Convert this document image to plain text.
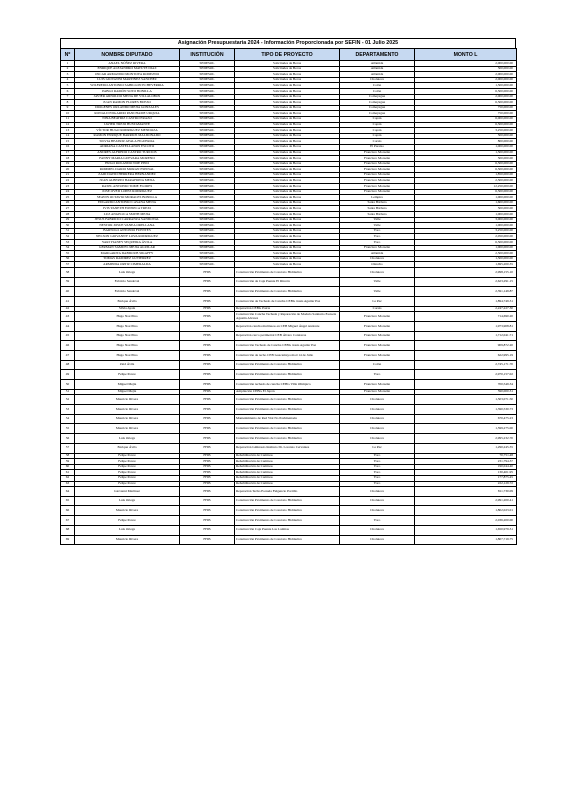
Asignación Presupuestaria 2024 - Información Proporcionada por SEFIN - 01 Julio 2025
Nº	NOMBRE DIPUTADO	INSTITUCIÓN	TIPO DE PROYECTO	DEPARTAMENTO	MONTO L
1	ANAEL NÚÑEZ RIVERA	SEDESOL	Solicitudes de Becas	Atlántida	2,000,000.00
2	ENRIQUE ALEJANDRO MATUTE DIAZ	SEDESOL	Solicitudes de Becas	Atlántida	500,000.00
3	OSCAR ARMANDO MONTOYA RODEZNO	SEDESOL	Solicitudes de Becas	Atlántida	2,000,000.00
4	LUIS GIOVANNI MARTINEZ SÁNCHEZ	SEDESOL	Solicitudes de Becas	Choluteca	2,000,000.00
5	WILFREDO ANTONIO SABILLON ECHEVERRIA	SEDESOL	Solicitudes de Becas	Colón	1,500,000.00
6	PABLO RAMÓN SOTO BONILLA	SEDESOL	Solicitudes de Becas	Colón	6,500,000.00
7	JAVIER ARNOLDO MEJIA DE VILLALOBOS	SEDESOL	Solicitudes de Becas	Comayagua	2,000,000.00
8	JUAN RAMON FLORES BUEZO	SEDESOL	Solicitudes de Becas	Comayagua	6,500,000.00
9	DIOGENES ORLANDO MEJIA GONZALES	SEDESOL	Solicitudes de Becas	Comayagua	750,000.00
10	RONALD EDGARDO PANCHAME URQUIA	SEDESOL	Solicitudes de Becas	Comayagua	750,000.00
11	NINA BEATRIZ CASTRO ERAZO	SEDESOL	Solicitudes de Becas	Copán	6,000,000.00
12	JAVIER TREJO BUSTAMANTE	SEDESOL	Solicitudes de Becas	Copán	6,500,000.00
13	VÍCTOR HUGO RODRIGUEZ MENDOZA	SEDESOL	Solicitudes de Becas	Copán	3,250,000.00
14	RAMON ENRIQUE BARRIOS MALDONADO	SEDESOL	Solicitudes de Becas	Copán	500,000.00
15	SILVIA BEATRIZ AYALA FIGUEROA	SEDESOL	Solicitudes de Becas	Cortés	800,000.00
16	ADRIANA CASTELLANOS ESCOTO	SEDESOL	Solicitudes de Becas	El Paraíso	1,000,000.00
17	ANDRES ALFREDO CASTRO TURCIOS	SEDESOL	Solicitudes de Becas	Francisco Morazán	1,500,000.00
18	FANNY MARIA GUEVARA MORENO	SEDESOL	Solicitudes de Becas	Francisco Morazán	500,000.00
19	HUGO ROLANDO NOE PINO	SEDESOL	Solicitudes de Becas	Francisco Morazán	6,500,000.00
20	ROMMEL DARIO MORAN ESPINAL	SEDESOL	Solicitudes de Becas	Francisco Morazán	6,500,000.00
21	ZAID DAVID HERRERA HERNÁNDEZ	SEDESOL	Solicitudes de Becas	Francisco Morazán	1,850,000.00
22	JUAN ALBERTO BARAHONA MEJIA	SEDESOL	Solicitudes de Becas	Francisco Morazán	2,500,000.00
23	RASEL ANTONIO TOME FLORES	SEDESOL	Solicitudes de Becas	Francisco Morazán	12,250,000.00
24	JOSÉ OVED LÓPEZ RODRÍGUEZ	SEDESOL	Solicitudes de Becas	Francisco Morazán	6,500,000.00
25	SEAVIN OCTAVIO MORALES BONILLA	SEDESOL	Solicitudes de Becas	Lempira	1,000,000.00
26	EDGARDO ANTONIO CASAÑA MEJIA	SEDESOL	Solicitudes de Becas	Santa Bárbara	1,600,000.00
27	IVIS YANETH FONSECA TREJO	SEDESOL	Solicitudes de Becas	Santa Bárbara	500,000.00
28	LUZ ANGELICA SMITH MEJIA	SEDESOL	Solicitudes de Becas	Santa Bárbara	1,000,000.00
29	JESUS FABRICIO CARRANZA SANDOVAL	SEDESOL	Solicitudes de Becas	Valle	3,000,000.00
30	NESTOR JOSUE VANEA ORELLANA	SEDESOL	Solicitudes de Becas	Valle	1,000,000.00
31	BARTOLO ANTONIO FUENTES	SEDESOL	Solicitudes de Becas	Yoro	3,250,000.00
32	NELSON GIOVANNY LOVA RODRIGUEZ	SEDESOL	Solicitudes de Becas	Yoro	2,050,000.00
33	YARI YIANEY SEQUEIRA ÁVILA	SEDESOL	Solicitudes de Becas	Yoro	6,500,000.00
34	GERMAN SAMUEL MEJIA AGUILAR	SEDESOL	Solicitudes de Becas	Francisco Morazán	1,000,000.00
35	MARGARITA DABDOUB SIKAFFY	SEDESOL	Solicitudes de Becas	Atlántida	2,500,000.00
36	TOMÁS RAMIREZ GUTIERREZ	SEDESOL	Solicitudes de Becas	Choluteca	1,500,000.00
37	ARMINDA ORTIZ CIMERALDA	SEDESOL	Solicitudes de Becas	Olancho	1,695,200.35
38	Luis Ortega	FHIS	Construcción Pavimento de Concreto Hidráulico	Choluteca	2,998,155.10
39	Fabricio Sandoval	FHIS	Construcción de Caja Puente El Rincón	Valle	2,623,291.15
40	Fabricio Sandoval	FHIS	Construcción Pavimento de Concreto Hidráulico	Valle	2,391,149.87
41	Enrique Ávila	FHIS	Construcción de Techado de Cancha CEBG Jesús Aguilar Paz	La Paz	1,894,749.31
42	Silvia Ayala	FHIS	Reparación CEBG Patria	Cortés	2,247,227.30
43	Hugo Noé Pino	FHIS	Construcción Cancha Techada y Reparación de Modulo Sanitario Escuela Agustín Alvarez	Francisco Morazán	714,690.20
44	Hugo Noé Pino	FHIS	Reparación cancha multiusos en CEB Miguel Ángel Andonie	Francisco Morazán	1,973,908.81
45	Hugo Noé Pino	FHIS	Reparación cerco perimetral CEB Álvaro Contreras	Francisco Morazán	1,712,041.71
46	Hugo Noé Pino	FHIS	Construcción Techado de Cancha CEBG Jesús Aguilar Paz	Francisco Morazán	909,872.20
47	Hugo Noé Pino	FHIS	Construcción de techo CEB Guacamaya mod 14 de Julio	Francisco Morazán	622,995.19
48	Zaid Ávila	FHIS	Construcción Pavimento de Concreto Hidráulico	Colón	2,745,171.70
49	Felipe Ponce	FHIS	Construcción Pavimento de Concreto Hidráulico	Yoro	2,970,157.02
50	Miguel Mejía	FHIS	Construcción techado de cancha CEBG Villa Olímpica	Francisco Morazán	700,549.34
51	Miguel Mejía	FHIS	Ampliación CEBG El Japón	Francisco Morazán	590,000.31
52	Mauricio Rivera	FHIS	Construcción Pavimento de Concreto Hidráulico	Choluteca	1,503,071.50
53	Mauricio Rivera	FHIS	Construcción Pavimento de Concreto Hidráulico	Choluteca	1,390,530.73
54	Mauricio Rivera	FHIS	Mantenimiento de Red Vial No Pavimentada	Choluteca	670,475.23
55	Mauricio Rivera	FHIS	Construcción Pavimento de Concreto Hidráulico	Choluteca	1,599,275.00
56	Luis Ortega	FHIS	Construcción Pavimento de Concreto Hidráulico	Choluteca	2,995,232.70
57	Enrique Ávila	FHIS	Reparación Gimnasio Instituto Dr. Lorenzo Cervantes	La Paz	1,290,245.35
58	Felipe Ponce	FHIS	Rehabilitación de Caminos	Yoro	70,751.48
59	Felipe Ponce	FHIS	Rehabilitación de Caminos	Yoro	231,794.37
60	Felipe Ponce	FHIS	Rehabilitación de Caminos	Yoro	190,044.40
61	Felipe Ponce	FHIS	Rehabilitación de Caminos	Yoro	130,401.95
62	Felipe Ponce	FHIS	Rehabilitación de Caminos	Yoro	177,875.45
63	Felipe Ponce	FHIS	Rehabilitación de Caminos	Yoro	222,129.72
64	Giovanni Martínez	FHIS	Reparación Techo Escuela Fulgencio Portillo	Choluteca	811,730.09
65	Luis Ortega	FHIS	Construcción Pavimento de Concreto Hidráulico	Choluteca	2,991,200.41
66	Mauricio Rivera	FHIS	Construcción Pavimento de Concreto Hidráulico	Choluteca	1,802,023.01
67	Felipe Ponce	FHIS	Construcción Pavimento de Concreto Hidráulico	Yoro	2,036,200.00
68	Luis Ortega	FHIS	Construcción Caja Puente Las Lomitas	Choluteca	1,650,979.31
69	Mauricio Rivera	FHIS	Construcción Pavimento de Concreto Hidráulico	Choluteca	1,807,719.75
